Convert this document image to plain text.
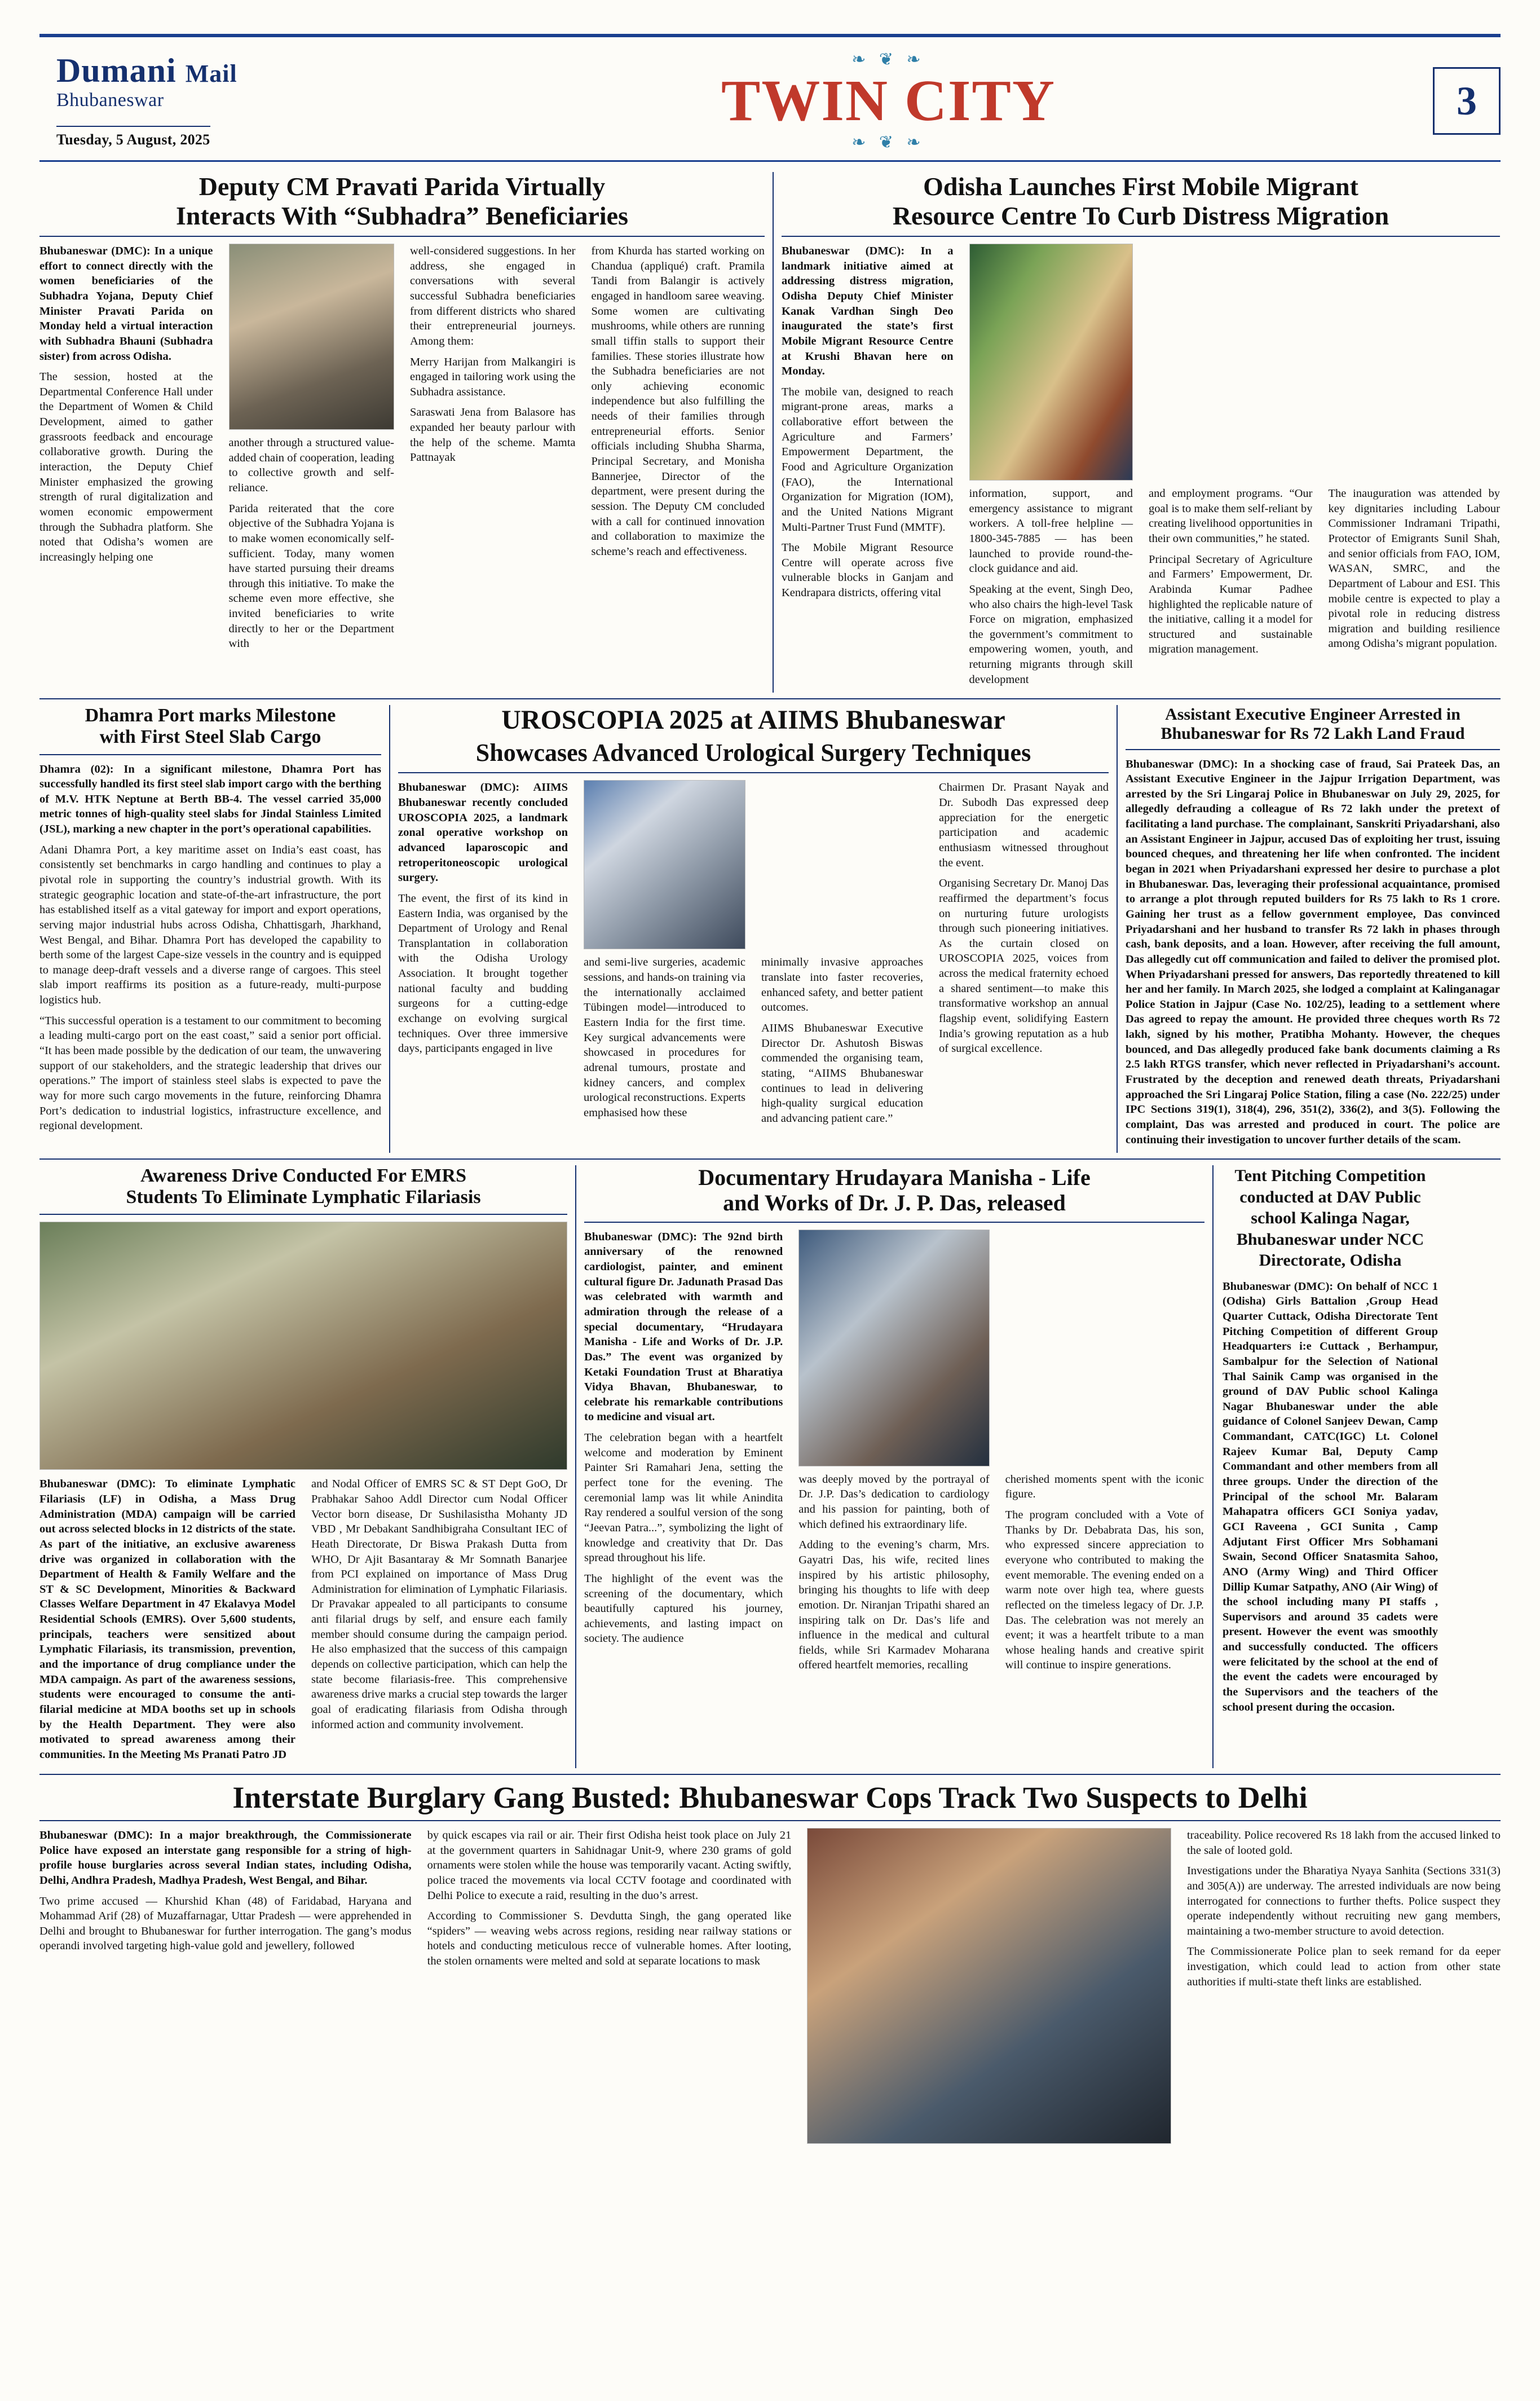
Dumani Mail
Bhubaneswar
Tuesday, 5 August, 2025
❧ ❦ ❧
TWIN CITY
❧ ❦ ❧
3
Deputy CM Pravati Parida Virtually
Interacts With “Subhadra” Beneficiaries

Bhubaneswar (DMC): In a unique effort to connect directly with the women beneficiaries of the Subhadra Yojana, Deputy Chief Minister Pravati Parida on Monday held a virtual interaction with Subhadra Bhauni (Subhadra sister) from across Odisha.

The session, hosted at the Departmental Conference Hall under the Department of Women & Child Development, aimed to gather grassroots feedback and encourage collaborative growth. During the interaction, the Deputy Chief Minister emphasized the growing strength of rural digitalization and women economic empowerment through the Subhadra platform. She noted that Odisha’s women are increasingly helping one

another through a structured value-added chain of cooperation, leading to collective growth and self-reliance.

Parida reiterated that the core objective of the Subhadra Yojana is to make women economically self-sufficient. Today, many women have started pursuing their dreams through this initiative. To make the scheme even more effective, she invited beneficiaries to write directly to her or the Department with

well-considered suggestions. In her address, she engaged in conversations with several successful Subhadra beneficiaries from different districts who shared their entrepreneurial journeys. Among them:

Merry Harijan from Malkangiri is engaged in tailoring work using the Subhadra assistance.

Saraswati Jena from Balasore has expanded her beauty parlour with the help of the scheme. Mamta Pattnayak

from Khurda has started working on Chandua (appliqué) craft. Pramila Tandi from Balangir is actively engaged in handloom saree weaving. Some women are cultivating mushrooms, while others are running small tiffin stalls to support their families. These stories illustrate how the Subhadra beneficiaries are not only achieving economic independence but also fulfilling the needs of their families through entrepreneurial efforts. Senior officials including Shubha Sharma, Principal Secretary, and Monisha Bannerjee, Director of the department, were present during the session. The Deputy CM concluded with a call for continued innovation and collaboration to maximize the scheme’s reach and effectiveness.

Odisha Launches First Mobile Migrant
Resource Centre To Curb Distress Migration

Bhubaneswar (DMC): In a landmark initiative aimed at addressing distress migration, Odisha Deputy Chief Minister Kanak Vardhan Singh Deo inaugurated the state’s first Mobile Migrant Resource Centre at Krushi Bhavan here on Monday.

The mobile van, designed to reach migrant-prone areas, marks a collaborative effort between the Agriculture and Farmers’ Empowerment Department, the Food and Agriculture Organization (FAO), the International Organization for Migration (IOM), and the United Nations Migrant Multi-Partner Trust Fund (MMTF).

The Mobile Migrant Resource Centre will operate across five vulnerable blocks in Ganjam and Kendrapara districts, offering vital

information, support, and emergency assistance to migrant workers. A toll-free helpline — 1800-345-7885 — has been launched to provide round-the-clock guidance and aid.

Speaking at the event, Singh Deo, who also chairs the high-level Task Force on migration, emphasized the government’s commitment to empowering women, youth, and returning migrants through skill development

and employment programs. “Our goal is to make them self-reliant by creating livelihood opportunities in their own communities,” he stated.

Principal Secretary of Agriculture and Farmers’ Empowerment, Dr. Arabinda Kumar Padhee highlighted the replicable nature of the initiative, calling it a model for structured and sustainable migration management.

The inauguration was attended by key dignitaries including Labour Commissioner Indramani Tripathi, Protector of Emigrants Sunil Shah, and senior officials from FAO, IOM, WASAN, SMRC, and the Department of Labour and ESI. This mobile centre is expected to play a pivotal role in reducing distress migration and building resilience among Odisha’s migrant population.

Dhamra Port marks Milestone
with First Steel Slab Cargo

Dhamra (02): In a significant milestone, Dhamra Port has successfully handled its first steel slab import cargo with the berthing of M.V. HTK Neptune at Berth BB-4. The vessel carried 35,000 metric tonnes of high-quality steel slabs for Jindal Stainless Limited (JSL), marking a new chapter in the port’s operational capabilities.

Adani Dhamra Port, a key maritime asset on India’s east coast, has consistently set benchmarks in cargo handling and continues to play a pivotal role in supporting the country’s industrial growth. With its strategic geographic location and state-of-the-art infrastructure, the port has established itself as a vital gateway for import and export operations, serving major industrial hubs across Odisha, Chhattisgarh, Jharkhand, West Bengal, and Bihar. Dhamra Port has developed the capability to berth some of the largest Cape-size vessels in the country and is equipped to manage deep-draft vessels and a diverse range of cargoes. This steel slab import reaffirms its position as a future-ready, multi-purpose logistics hub.

“This successful operation is a testament to our commitment to becoming a leading multi-cargo port on the east coast,” said a senior port official. “It has been made possible by the dedication of our team, the unwavering support of our stakeholders, and the strategic leadership that drives our operations.” The import of stainless steel slabs is expected to pave the way for more such cargo movements in the future, reinforcing Dhamra Port’s dedication to industrial logistics, infrastructure excellence, and regional development.

UROSCOPIA 2025 at AIIMS Bhubaneswar
Showcases Advanced Urological Surgery Techniques

Bhubaneswar (DMC): AIIMS Bhubaneswar recently concluded UROSCOPIA 2025, a landmark zonal operative workshop on advanced laparoscopic and retroperitoneoscopic urological surgery.

The event, the first of its kind in Eastern India, was organised by the Department of Urology and Renal Transplantation in collaboration with the Odisha Urology Association. It brought together national faculty and budding surgeons for a cutting-edge exchange on evolving surgical techniques. Over three immersive days, participants engaged in live

and semi-live surgeries, academic sessions, and hands-on training via the internationally acclaimed Tübingen model—introduced to Eastern India for the first time. Key surgical advancements were showcased in procedures for adrenal tumours, prostate and kidney cancers, and complex urological reconstructions. Experts emphasised how these

minimally invasive approaches translate into faster recoveries, enhanced safety, and better patient outcomes.

AIIMS Bhubaneswar Executive Director Dr. Ashutosh Biswas commended the organising team, stating, “AIIMS Bhubaneswar continues to lead in delivering high-quality surgical education and advancing patient care.”

Chairmen Dr. Prasant Nayak and Dr. Subodh Das expressed deep appreciation for the energetic participation and academic enthusiasm witnessed throughout the event.

Organising Secretary Dr. Manoj Das reaffirmed the department’s focus on nurturing future urologists through such pioneering initiatives. As the curtain closed on UROSCOPIA 2025, voices from across the medical fraternity echoed a shared sentiment—to make this transformative workshop an annual flagship event, solidifying Eastern India’s growing reputation as a hub of surgical excellence.

Assistant Executive Engineer Arrested in
Bhubaneswar for Rs 72 Lakh Land Fraud

Bhubaneswar (DMC): In a shocking case of fraud, Sai Prateek Das, an Assistant Executive Engineer in the Jajpur Irrigation Department, was arrested by the Sri Lingaraj Police in Bhubaneswar on July 29, 2025, for allegedly defrauding a colleague of Rs 72 lakh under the pretext of facilitating a land purchase. The complainant, Sanskriti Priyadarshani, also an Assistant Engineer in Jajpur, accused Das of exploiting her trust, issuing bounced cheques, and threatening her life when confronted. The incident began in 2021 when Priyadarshani expressed her desire to purchase a plot in Bhubaneswar. Das, leveraging their professional acquaintance, promised to arrange a plot through reputed builders for Rs 75 lakh to Rs 1 crore. Gaining her trust as a fellow government employee, Das convinced Priyadarshani and her husband to transfer Rs 72 lakh in phases through cash, bank deposits, and a loan. However, after receiving the full amount, Das allegedly cut off communication and failed to deliver the promised plot. When Priyadarshani pressed for answers, Das reportedly threatened to kill her and her family. In March 2025, she lodged a complaint at Kalinganagar Police Station in Jajpur (Case No. 102/25), leading to a settlement where Das agreed to repay the amount. He provided three cheques worth Rs 72 lakh, signed by his mother, Pratibha Mohanty. However, the cheques bounced, and Das allegedly produced fake bank documents claiming a Rs 2.5 lakh RTGS transfer, which never reflected in Priyadarshani’s account. Frustrated by the deception and renewed death threats, Priyadarshani approached the Sri Lingaraj Police Station, filing a case (No. 222/25) under IPC Sections 319(1), 318(4), 296, 351(2), 336(2), and 3(5). Following the complaint, Das was arrested and produced in court. The police are continuing their investigation to uncover further details of the scam.

Awareness Drive Conducted For EMRS
Students To Eliminate Lymphatic Filariasis

Bhubaneswar (DMC): To eliminate Lymphatic Filariasis (LF) in Odisha, a Mass Drug Administration (MDA) campaign will be carried out across selected blocks in 12 districts of the state. As part of the initiative, an exclusive awareness drive was organized in collaboration with the Department of Health & Family Welfare and the ST & SC Development, Minorities & Backward Classes Welfare Department in 47 Ekalavya Model Residential Schools (EMRS). Over 5,600 students, principals, teachers were sensitized about Lymphatic Filariasis, its transmission, prevention, and the importance of drug compliance under the MDA campaign. As part of the awareness sessions, students were encouraged to consume the anti-filarial medicine at MDA booths set up in schools by the Health Department. They were also motivated to spread awareness among their communities. In the Meeting Ms Pranati Patro JD

and Nodal Officer of EMRS SC & ST Dept GoO, Dr Prabhakar Sahoo Addl Director cum Nodal Officer Vector born disease, Dr Sushilasistha Mohanty JD VBD , Mr Debakant Sandhibigraha Consultant IEC of Heath Directorate, Dr Biswa Prakash Dutta from WHO, Dr Ajit Basantaray & Mr Somnath Banarjee from PCI explained on importance of Mass Drug Administration for elimination of Lymphatic Filariasis. Dr Pravakar appealed to all participants to consume anti filarial drugs by self, and ensure each family member should consume during the campaign period. He also emphasized that the success of this campaign depends on collective participation, which can help the state become filariasis-free. This comprehensive awareness drive marks a crucial step towards the larger goal of eradicating filariasis from Odisha through informed action and community involvement.

Documentary Hrudayara Manisha - Life
and Works of Dr. J. P. Das, released

Bhubaneswar (DMC): The 92nd birth anniversary of the renowned cardiologist, painter, and eminent cultural figure Dr. Jadunath Prasad Das was celebrated with warmth and admiration through the release of a special documentary, “Hrudayara Manisha - Life and Works of Dr. J.P. Das.” The event was organized by Ketaki Foundation Trust at Bharatiya Vidya Bhavan, Bhubaneswar, to celebrate his remarkable contributions to medicine and visual art.

The celebration began with a heartfelt welcome and moderation by Eminent Painter Sri Ramahari Jena, setting the perfect tone for the evening. The ceremonial lamp was lit while Anindita Ray rendered a soulful version of the song “Jeevan Patra...”, symbolizing the light of knowledge and creativity that Dr. Das spread throughout his life.

The highlight of the event was the screening of the documentary, which beautifully captured his journey, achievements, and lasting impact on society. The audience

was deeply moved by the portrayal of Dr. J.P. Das’s dedication to cardiology and his passion for painting, both of which defined his extraordinary life.

Adding to the evening’s charm, Mrs. Gayatri Das, his wife, recited lines inspired by his artistic philosophy, bringing his thoughts to life with deep emotion. Dr. Niranjan Tripathi shared an inspiring talk on Dr. Das’s life and influence in the medical and cultural fields, while Sri Karmadev Moharana offered heartfelt memories, recalling

cherished moments spent with the iconic figure.

The program concluded with a Vote of Thanks by Dr. Debabrata Das, his son, who expressed sincere appreciation to everyone who contributed to making the event memorable. The evening ended on a warm note over high tea, where guests reflected on the timeless legacy of Dr. J.P. Das. The celebration was not merely an event; it was a heartfelt tribute to a man whose healing hands and creative spirit will continue to inspire generations.

Tent Pitching Competition conducted at DAV Public school Kalinga Nagar, Bhubaneswar under NCC Directorate, Odisha

Bhubaneswar (DMC): On behalf of NCC 1 (Odisha) Girls Battalion ,Group Head Quarter Cuttack, Odisha Directorate Tent Pitching Competition of different Group Headquarters i:e Cuttack , Berhampur, Sambalpur for the Selection of National Thal Sainik Camp was organised in the ground of DAV Public school Kalinga Nagar Bhubaneswar under the able guidance of Colonel Sanjeev Dewan, Camp Commandant, CATC(IGC) Lt. Colonel Rajeev Kumar Bal, Deputy Camp Commandant and other members from all three groups. Under the direction of the Principal of the school Mr. Balaram Mahapatra officers GCI Soniya yadav, GCI Raveena , GCI Sunita , Camp Adjutant First Officer Mrs Sobhamani Swain, Second Officer Snatasmita Sahoo, ANO (Army Wing) and Third Officer Dillip Kumar Satpathy, ANO (Air Wing) of the school including many PI staffs , Supervisors and around 35 cadets were present. However the event was smoothly and successfully conducted. The officers were felicitated by the school at the end of the event the cadets were encouraged by the Supervisors and the teachers of the school present during the occasion.

Interstate Burglary Gang Busted: Bhubaneswar Cops Track Two Suspects to Delhi

Bhubaneswar (DMC): In a major breakthrough, the Commissionerate Police have exposed an interstate gang responsible for a string of high-profile house burglaries across several Indian states, including Odisha, Delhi, Andhra Pradesh, Madhya Pradesh, West Bengal, and Bihar.

Two prime accused — Khurshid Khan (48) of Faridabad, Haryana and Mohammad Arif (28) of Muzaffarnagar, Uttar Pradesh — were apprehended in Delhi and brought to Bhubaneswar for further interrogation. The gang’s modus operandi involved targeting high-value gold and jewellery, followed

by quick escapes via rail or air. Their first Odisha heist took place on July 21 at the government quarters in Sahidnagar Unit-9, where 230 grams of gold ornaments were stolen while the house was temporarily vacant. Acting swiftly, police traced the movements via local CCTV footage and coordinated with Delhi Police to execute a raid, resulting in the duo’s arrest.

According to Commissioner S. Devdutta Singh, the gang operated like “spiders” — weaving webs across regions, residing near railway stations or hotels and conducting meticulous recce of vulnerable homes. After looting, the stolen ornaments were melted and sold at separate locations to mask

traceability. Police recovered Rs 18 lakh from the accused linked to the sale of looted gold.

Investigations under the Bharatiya Nyaya Sanhita (Sections 331(3) and 305(A)) are underway. The arrested individuals are now being interrogated for connections to further thefts. Police suspect they operate independently without recruiting new gang members, maintaining a two-member structure to avoid detection.

The Commissionerate Police plan to seek remand for da eeper investigation, which could lead to action from other state authorities if multi-state theft links are established.
